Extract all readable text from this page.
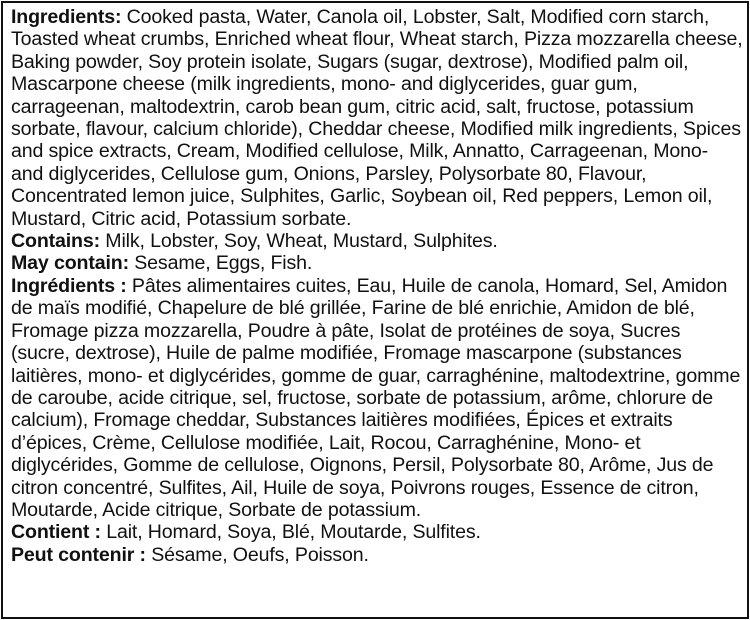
Ingredients: Cooked pasta, Water, Canola oil, Lobster, Salt, Modified corn starch, Toasted wheat crumbs, Enriched wheat flour, Wheat starch, Pizza mozzarella cheese, Baking powder, Soy protein isolate, Sugars (sugar, dextrose), Modified palm oil, Mascarpone cheese (milk ingredients, mono- and diglycerides, guar gum, carrageenan, maltodextrin, carob bean gum, citric acid, salt, fructose, potassium sorbate, flavour, calcium chloride), Cheddar cheese, Modified milk ingredients, Spices and spice extracts, Cream, Modified cellulose, Milk, Annatto, Carrageenan, Mono- and diglycerides, Cellulose gum, Onions, Parsley, Polysorbate 80, Flavour, Concentrated lemon juice, Sulphites, Garlic, Soybean oil, Red peppers, Lemon oil, Mustard, Citric acid, Potassium sorbate.

Contains: Milk, Lobster, Soy, Wheat, Mustard, Sulphites.

May contain: Sesame, Eggs, Fish.

Ingrédients : Pâtes alimentaires cuites, Eau, Huile de canola, Homard, Sel, Amidon de maïs modifié, Chapelure de blé grillée, Farine de blé enrichie, Amidon de blé, Fromage pizza mozzarella, Poudre à pâte, Isolat de protéines de soya, Sucres (sucre, dextrose), Huile de palme modifiée, Fromage mascarpone (substances laitières, mono- et diglycérides, gomme de guar, carraghénine, maltodextrine, gomme de caroube, acide citrique, sel, fructose, sorbate de potassium, arôme, chlorure de calcium), Fromage cheddar, Substances laitières modifiées, Épices et extraits d’épices, Crème, Cellulose modifiée, Lait, Rocou, Carraghénine, Mono- et diglycérides, Gomme de cellulose, Oignons, Persil, Polysorbate 80, Arôme, Jus de citron concentré, Sulfites, Ail, Huile de soya, Poivrons rouges, Essence de citron, Moutarde, Acide citrique, Sorbate de potassium.

Contient : Lait, Homard, Soya, Blé, Moutarde, Sulfites.

Peut contenir : Sésame, Oeufs, Poisson.
